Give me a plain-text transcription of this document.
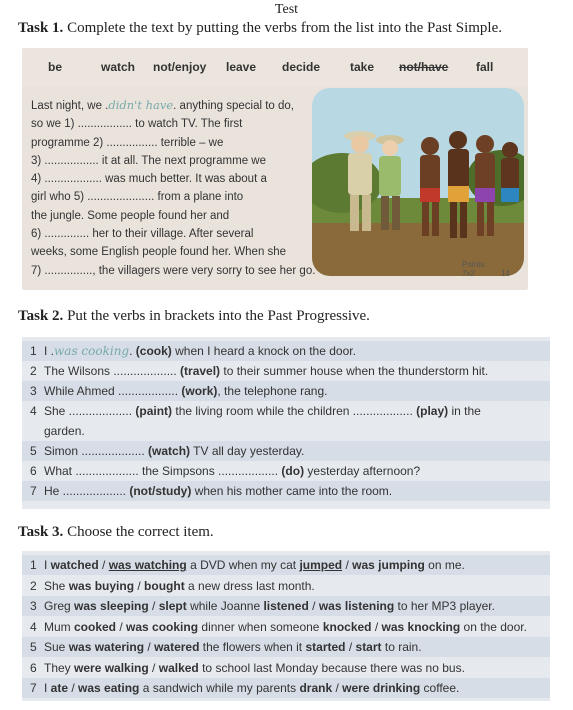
Test
Task 1. Complete the text by putting the verbs from the list into the Past Simple.
be	watch not/enjoy leave decide take not/have fall
Last night, we .didn't have. anything special to do,
so we 1) ................. to watch TV. The first
programme 2) ................ terrible – we
3) ................. it at all. The next programme we
4) .................. was much better. It was about a
girl who 5) ..................... from a plane into
the jungle. Some people found her and
6) .............. her to their village. After several
weeks, some English people found her. When she
7) ..............., the villagers were very sorry to see her go.
Points:
7x2	14
Task 2. Put the verbs in brackets into the Past Progressive.
1 I .was cooking. (cook) when I heard a knock on the door.
2 The Wilsons ................... (travel) to their summer house when the thunderstorm hit.
3 While Ahmed .................. (work), the telephone rang.
4 She ................... (paint) the living room while the children .................. (play) in the
garden.
5 Simon ................... (watch) TV all day yesterday.
6 What ................... the Simpsons .................. (do) yesterday afternoon?
7 He ................... (not/study) when his mother came into the room.
Task 3. Choose the correct item.
1 I watched / was watching a DVD when my cat jumped / was jumping on me.
2 She was buying / bought a new dress last month.
3 Greg was sleeping / slept while Joanne listened / was listening to her MP3 player.
4 Mum cooked / was cooking dinner when someone knocked / was knocking on the door.
5 Sue was watering / watered the flowers when it started / start to rain.
6 They were walking / walked to school last Monday because there was no bus.
7 I ate / was eating a sandwich while my parents drank / were drinking coffee.
